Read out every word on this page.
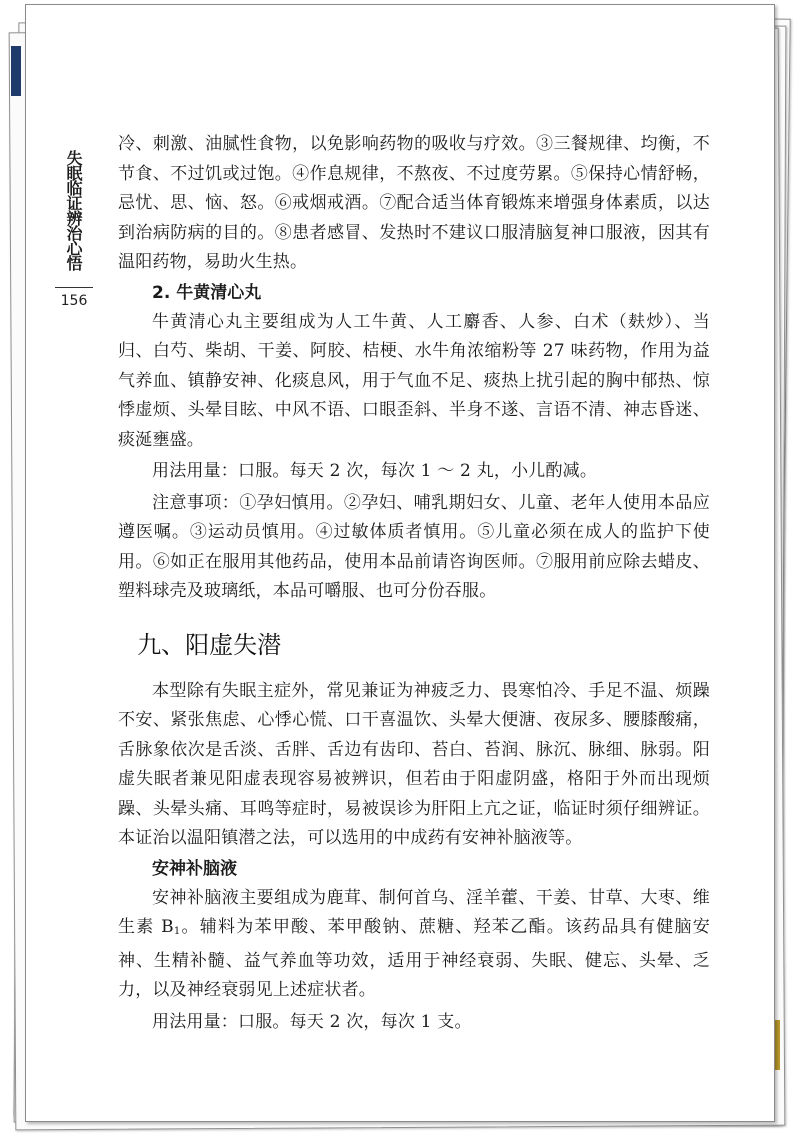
失眠临证辨治心悟
156

冷、刺激、油腻性食物，以免影响药物的吸收与疗效。③三餐规律、均衡，不节食、不过饥或过饱。④作息规律，不熬夜、不过度劳累。⑤保持心情舒畅，忌忧、思、恼、怒。⑥戒烟戒酒。⑦配合适当体育锻炼来增强身体素质，以达到治病防病的目的。⑧患者感冒、发热时不建议口服清脑复神口服液，因其有温阳药物，易助火生热。

2. 牛黄清心丸

牛黄清心丸主要组成为人工牛黄、人工麝香、人参、白术（麸炒）、当归、白芍、柴胡、干姜、阿胶、桔梗、水牛角浓缩粉等 27 味药物，作用为益气养血、镇静安神、化痰息风，用于气血不足、痰热上扰引起的胸中郁热、惊悸虚烦、头晕目眩、中风不语、口眼歪斜、半身不遂、言语不清、神志昏迷、痰涎壅盛。

用法用量：口服。每天 2 次，每次 1 ～ 2 丸，小儿酌减。

注意事项：①孕妇慎用。②孕妇、哺乳期妇女、儿童、老年人使用本品应遵医嘱。③运动员慎用。④过敏体质者慎用。⑤儿童必须在成人的监护下使用。⑥如正在服用其他药品，使用本品前请咨询医师。⑦服用前应除去蜡皮、塑料球壳及玻璃纸，本品可嚼服、也可分份吞服。

九、阳虚失潜

本型除有失眠主症外，常见兼证为神疲乏力、畏寒怕冷、手足不温、烦躁不安、紧张焦虑、心悸心慌、口干喜温饮、头晕大便溏、夜尿多、腰膝酸痛，舌脉象依次是舌淡、舌胖、舌边有齿印、苔白、苔润、脉沉、脉细、脉弱。阳虚失眠者兼见阳虚表现容易被辨识，但若由于阳虚阴盛，格阳于外而出现烦躁、头晕头痛、耳鸣等症时，易被误诊为肝阳上亢之证，临证时须仔细辨证。本证治以温阳镇潜之法，可以选用的中成药有安神补脑液等。

安神补脑液

安神补脑液主要组成为鹿茸、制何首乌、淫羊藿、干姜、甘草、大枣、维生素 $B_1$。辅料为苯甲酸、苯甲酸钠、蔗糖、羟苯乙酯。该药品具有健脑安神、生精补髓、益气养血等功效，适用于神经衰弱、失眠、健忘、头晕、乏力，以及神经衰弱见上述症状者。

用法用量：口服。每天 2 次，每次 1 支。
